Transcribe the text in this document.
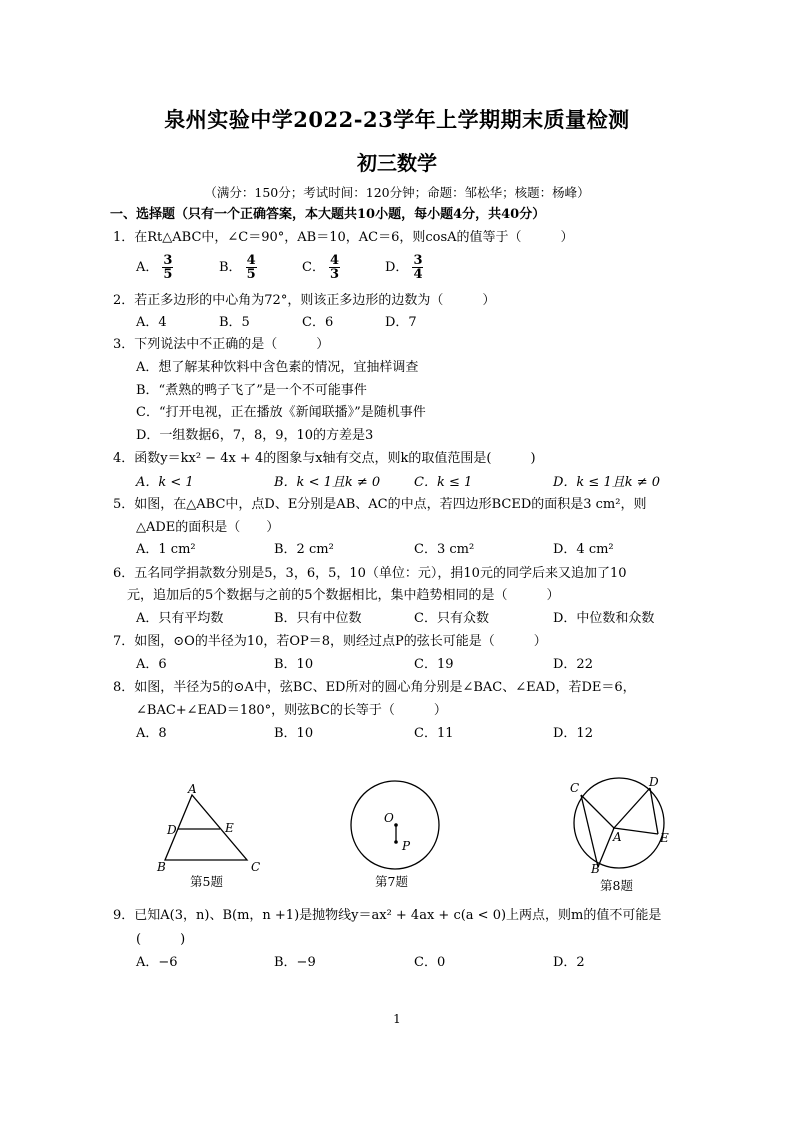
泉州实验中学2022-23学年上学期期末质量检测
初三数学
（满分：150分；考试时间：120分钟；命题：邹松华；核题：杨峰）
一、选择题（只有一个正确答案，本大题共10小题，每小题4分，共40分）
1．在Rt△ABC中，∠C＝90°，AB＝10，AC＝6，则cosA的值等于（　　　）
A． $\frac{3}{5}$	B． $\frac{4}{5}$	C． $\frac{4}{3}$	D． $\frac{3}{4}$
2．若正多边形的中心角为72°，则该正多边形的边数为（　　　）
A．4	B．5	C．6	D．7
3．下列说法中不正确的是（　　　）
A．想了解某种饮料中含色素的情况，宜抽样调查
B．“煮熟的鸭子飞了”是一个不可能事件
C．“打开电视，正在播放《新闻联播》”是随机事件
D．一组数据6，7，8，9，10的方差是3
4．函数y＝kx² − 4x + 4的图象与x轴有交点，则k的取值范围是(　　　)
A．k < 1	B．k < 1且k ≠ 0	C．k ≤ 1	D．k ≤ 1且k ≠ 0
5．如图，在△ABC中，点D、E分别是AB、AC的中点，若四边形BCED的面积是3 cm²，则
△ADE的面积是（　　）
A．1 cm²	B．2 cm²	C．3 cm²	D．4 cm²
6．五名同学捐款数分别是5，3，6，5，10（单位：元），捐10元的同学后来又追加了10
元，追加后的5个数据与之前的5个数据相比，集中趋势相同的是（　　　）
A．只有平均数	B．只有中位数	C．只有众数	D．中位数和众数
7．如图，⊙O的半径为10，若OP＝8，则经过点P的弦长可能是（　　　）
A．6	B．10	C．19	D．22
8．如图，半径为5的⊙A中，弦BC、ED所对的圆心角分别是∠BAC、∠EAD，若DE＝6，
∠BAC+∠EAD＝180°，则弦BC的长等于（　　　）
A．8	B．10	C．11	D．12
A
D	E
B	C
第5题
O
P
第7题
C	D
A	E
B
第8题
9．已知A(3，n)、B(m，n +1)是抛物线y＝ax² + 4ax + c(a < 0)上两点，则m的值不可能是
(　　　)
A．−6	B．−9	C．0	D．2
1
